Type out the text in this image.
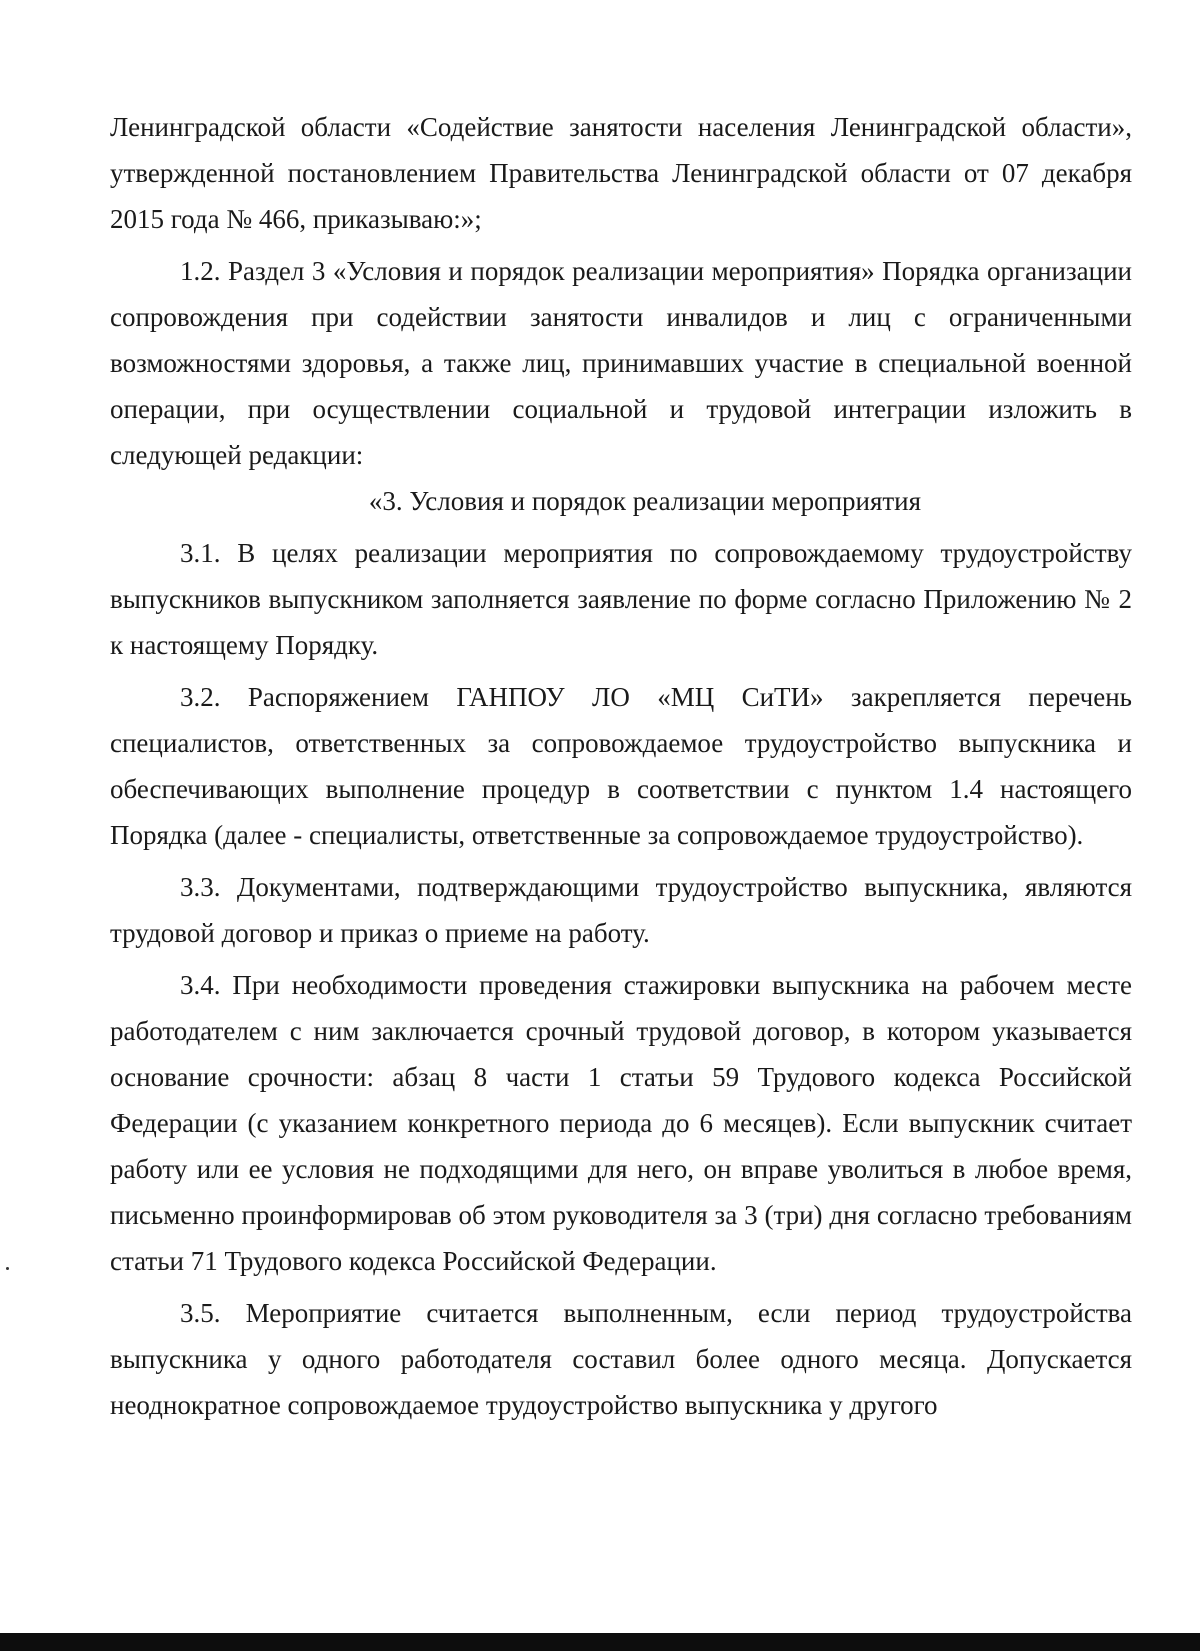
Ленинградской области «Содействие занятости населения Ленинградской области», утвержденной постановлением Правительства Ленинградской области от 07 декабря 2015 года № 466, приказываю:»;

1.2. Раздел 3 «Условия и порядок реализации мероприятия» Порядка организации сопровождения при содействии занятости инвалидов и лиц с ограниченными возможностями здоровья, а также лиц, принимавших участие в специальной военной операции, при осуществлении социальной и трудовой интеграции изложить в следующей редакции:

«3. Условия и порядок реализации мероприятия

3.1. В целях реализации мероприятия по сопровождаемому трудоустройству выпускников выпускником заполняется заявление по форме согласно Приложению № 2 к настоящему Порядку.

3.2. Распоряжением ГАНПОУ ЛО «МЦ СиТИ» закрепляется перечень специалистов, ответственных за сопровождаемое трудоустройство выпускника и обеспечивающих выполнение процедур в соответствии с пунктом 1.4 настоящего Порядка (далее - специалисты, ответственные за сопровождаемое трудоустройство).

3.3. Документами, подтверждающими трудоустройство выпускника, являются трудовой договор и приказ о приеме на работу.

3.4. При необходимости проведения стажировки выпускника на рабочем месте работодателем с ним заключается срочный трудовой договор, в котором указывается основание срочности: абзац 8 части 1 статьи 59 Трудового кодекса Российской Федерации (с указанием конкретного периода до 6 месяцев). Если выпускник считает работу или ее условия не подходящими для него, он вправе уволиться в любое время, письменно проинформировав об этом руководителя за 3 (три) дня согласно требованиям статьи 71 Трудового кодекса Российской Федерации.

3.5. Мероприятие считается выполненным, если период трудоустройства выпускника у одного работодателя составил более одного месяца. Допускается неоднократное сопровождаемое трудоустройство выпускника у другого
